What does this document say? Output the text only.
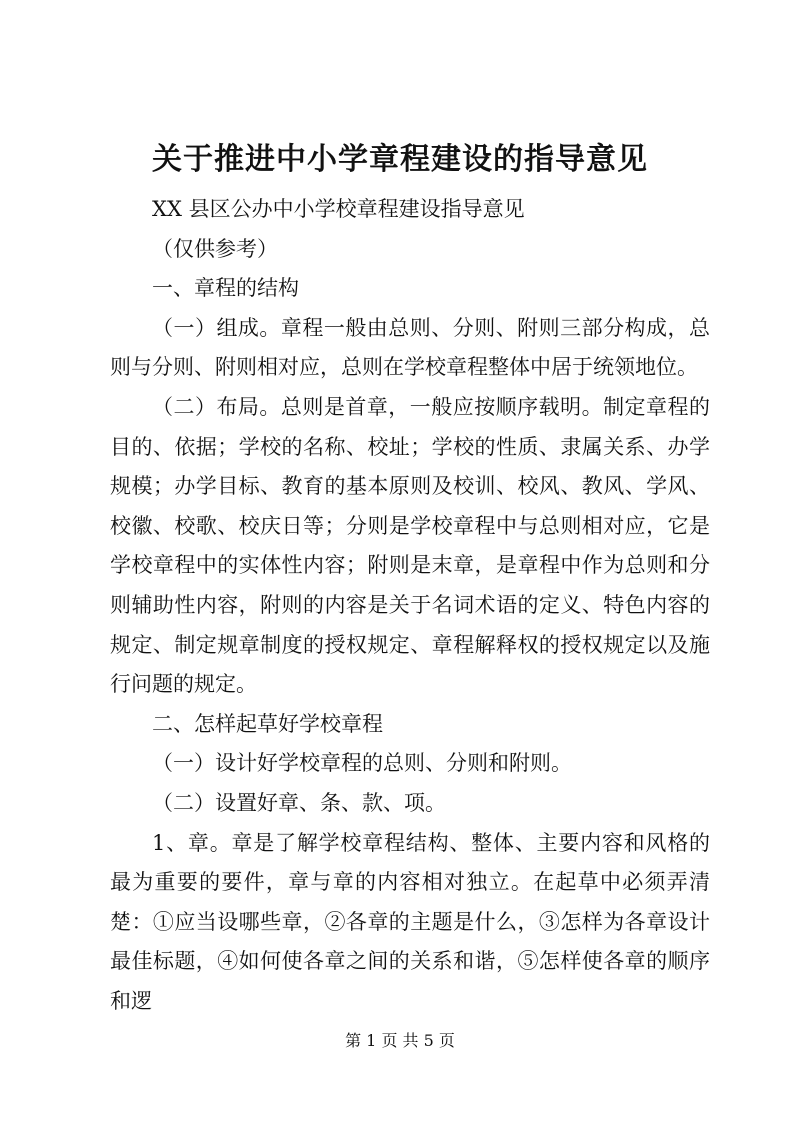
关于推进中小学章程建设的指导意见

XX 县区公办中小学校章程建设指导意见

（仅供参考）

一、章程的结构

（一）组成。章程一般由总则、分则、附则三部分构成，总则与分则、附则相对应，总则在学校章程整体中居于统领地位。

（二）布局。总则是首章，一般应按顺序载明。制定章程的目的、依据；学校的名称、校址；学校的性质、隶属关系、办学规模；办学目标、教育的基本原则及校训、校风、教风、学风、校徽、校歌、校庆日等；分则是学校章程中与总则相对应，它是学校章程中的实体性内容；附则是末章，是章程中作为总则和分则辅助性内容，附则的内容是关于名词术语的定义、特色内容的规定、制定规章制度的授权规定、章程解释权的授权规定以及施行问题的规定。

二、怎样起草好学校章程

（一）设计好学校章程的总则、分则和附则。

（二）设置好章、条、款、项。

1、章。章是了解学校章程结构、整体、主要内容和风格的最为重要的要件，章与章的内容相对独立。在起草中必须弄清楚：①应当设哪些章，②各章的主题是什么，③怎样为各章设计最佳标题，④如何使各章之间的关系和谐，⑤怎样使各章的顺序和逻

第 1 页 共 5 页
